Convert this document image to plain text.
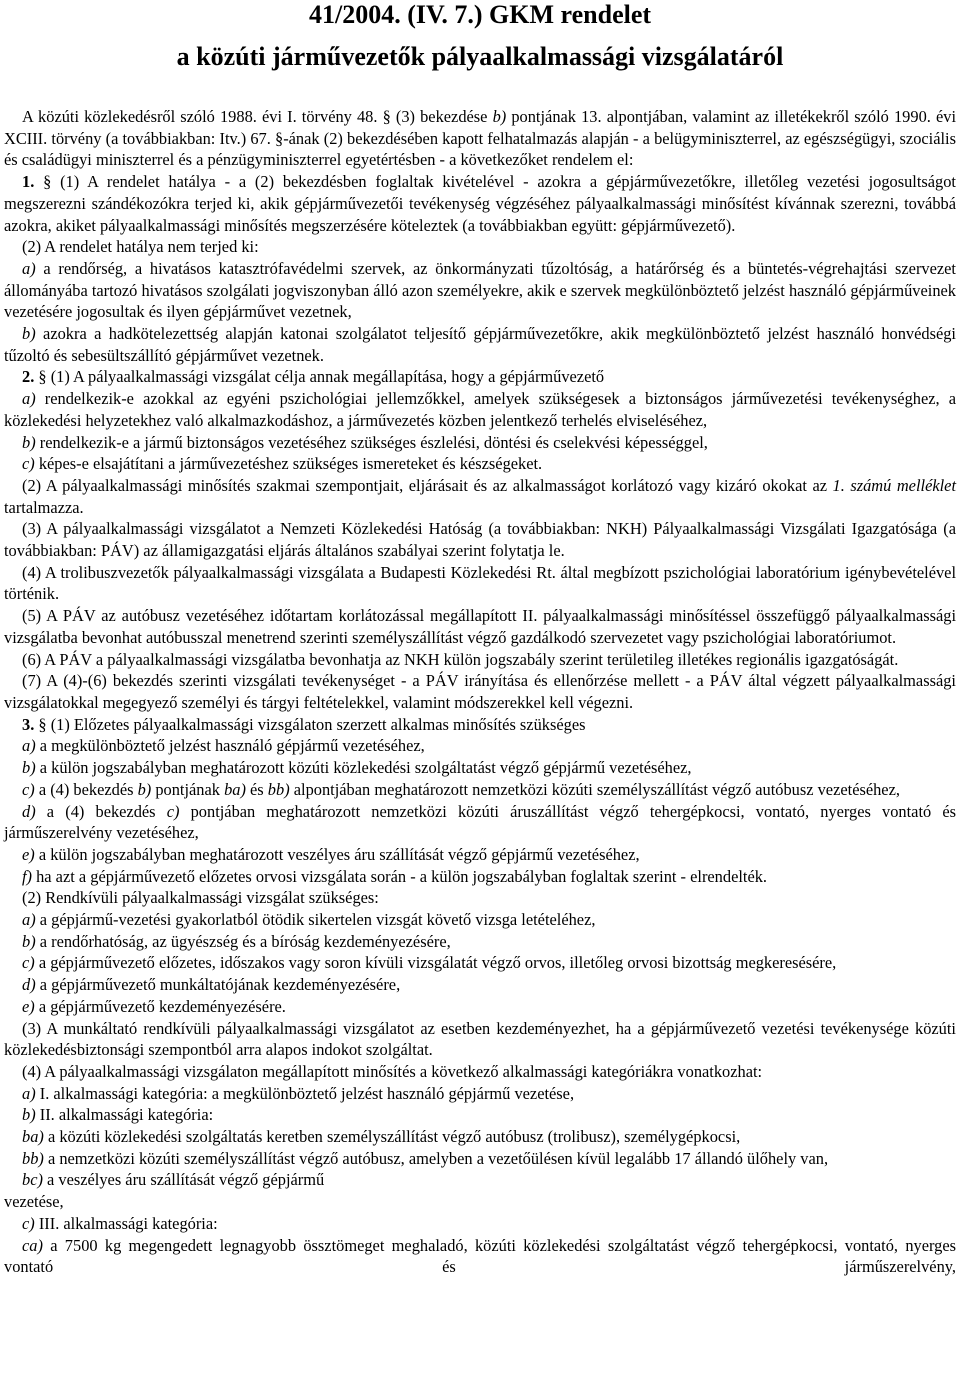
41/2004. (IV. 7.) GKM rendelet
a közúti járművezetők pályaalkalmassági vizsgálatáról

A közúti közlekedésről szóló 1988. évi I. törvény 48. § (3) bekezdése b) pontjának 13. alpontjában, valamint az illetékekről szóló 1990. évi XCIII. törvény (a továbbiakban: Itv.) 67. §-ának (2) bekezdésében kapott felhatalmazás alapján - a belügyminiszterrel, az egészségügyi, szociális és családügyi miniszterrel és a pénzügyminiszterrel egyetértésben - a következőket rendelem el:

1. § (1) A rendelet hatálya - a (2) bekezdésben foglaltak kivételével - azokra a gépjárművezetőkre, illetőleg vezetési jogosultságot megszerezni szándékozókra terjed ki, akik gépjárművezetői tevékenység végzéséhez pályaalkalmassági minősítést kívánnak szerezni, továbbá azokra, akiket pályaalkalmassági minősítés megszerzésére köteleztek (a továbbiakban együtt: gépjárművezető).

(2) A rendelet hatálya nem terjed ki:

a) a rendőrség, a hivatásos katasztrófavédelmi szervek, az önkormányzati tűzoltóság, a határőrség és a büntetés-végrehajtási szervezet állományába tartozó hivatásos szolgálati jogviszonyban álló azon személyekre, akik e szervek megkülönböztető jelzést használó gépjárműveinek vezetésére jogosultak és ilyen gépjárművet vezetnek,

b) azokra a hadkötelezettség alapján katonai szolgálatot teljesítő gépjárművezetőkre, akik megkülönböztető jelzést használó honvédségi tűzoltó és sebesültszállító gépjárművet vezetnek.

2. § (1) A pályaalkalmassági vizsgálat célja annak megállapítása, hogy a gépjárművezető

a) rendelkezik-e azokkal az egyéni pszichológiai jellemzőkkel, amelyek szükségesek a biztonságos járművezetési tevékenységhez, a közlekedési helyzetekhez való alkalmazkodáshoz, a járművezetés közben jelentkező terhelés elviseléséhez,

b) rendelkezik-e a jármű biztonságos vezetéséhez szükséges észlelési, döntési és cselekvési képességgel,

c) képes-e elsajátítani a járművezetéshez szükséges ismereteket és készségeket.

(2) A pályaalkalmassági minősítés szakmai szempontjait, eljárásait és az alkalmasságot korlátozó vagy kizáró okokat az 1. számú melléklet tartalmazza.

(3) A pályaalkalmassági vizsgálatot a Nemzeti Közlekedési Hatóság (a továbbiakban: NKH) Pályaalkalmassági Vizsgálati Igazgatósága (a továbbiakban: PÁV) az államigazgatási eljárás általános szabályai szerint folytatja le.

(4) A trolibuszvezetők pályaalkalmassági vizsgálata a Budapesti Közlekedési Rt. által megbízott pszichológiai laboratórium igénybevételével történik.

(5) A PÁV az autóbusz vezetéséhez időtartam korlátozással megállapított II. pályaalkalmassági minősítéssel összefüggő pályaalkalmassági vizsgálatba bevonhat autóbusszal menetrend szerinti személyszállítást végző gazdálkodó szervezetet vagy pszichológiai laboratóriumot.

(6) A PÁV a pályaalkalmassági vizsgálatba bevonhatja az NKH külön jogszabály szerint területileg illetékes regionális igazgatóságát.

(7) A (4)-(6) bekezdés szerinti vizsgálati tevékenységet - a PÁV irányítása és ellenőrzése mellett - a PÁV által végzett pályaalkalmassági vizsgálatokkal megegyező személyi és tárgyi feltételekkel, valamint módszerekkel kell végezni.

3. § (1) Előzetes pályaalkalmassági vizsgálaton szerzett alkalmas minősítés szükséges

a) a megkülönböztető jelzést használó gépjármű vezetéséhez,

b) a külön jogszabályban meghatározott közúti közlekedési szolgáltatást végző gépjármű vezetéséhez,

c) a (4) bekezdés b) pontjának ba) és bb) alpontjában meghatározott nemzetközi közúti személyszállítást végző autóbusz vezetéséhez,

d) a (4) bekezdés c) pontjában meghatározott nemzetközi közúti áruszállítást végző tehergépkocsi, vontató, nyerges vontató és járműszerelvény vezetéséhez,

e) a külön jogszabályban meghatározott veszélyes áru szállítását végző gépjármű vezetéséhez,

f) ha azt a gépjárművezető előzetes orvosi vizsgálata során - a külön jogszabályban foglaltak szerint - elrendelték.

(2) Rendkívüli pályaalkalmassági vizsgálat szükséges:

a) a gépjármű-vezetési gyakorlatból ötödik sikertelen vizsgát követő vizsga letételéhez,

b) a rendőrhatóság, az ügyészség és a bíróság kezdeményezésére,

c) a gépjárművezető előzetes, időszakos vagy soron kívüli vizsgálatát végző orvos, illetőleg orvosi bizottság megkeresésére,

d) a gépjárművezető munkáltatójának kezdeményezésére,

e) a gépjárművezető kezdeményezésére.

(3) A munkáltató rendkívüli pályaalkalmassági vizsgálatot az esetben kezdeményezhet, ha a gépjárművezető vezetési tevékenysége közúti közlekedésbiztonsági szempontból arra alapos indokot szolgáltat.

(4) A pályaalkalmassági vizsgálaton megállapított minősítés a következő alkalmassági kategóriákra vonatkozhat:

a) I. alkalmassági kategória: a megkülönböztető jelzést használó gépjármű vezetése,

b) II. alkalmassági kategória:

ba) a közúti közlekedési szolgáltatás keretben személyszállítást végző autóbusz (trolibusz), személygépkocsi,

bb) a nemzetközi közúti személyszállítást végző autóbusz, amelyben a vezetőülésen kívül legalább 17 állandó ülőhely van,

bc) a veszélyes áru szállítását végző gépjármű

vezetése,

c) III. alkalmassági kategória:

ca) a 7500 kg megengedett legnagyobb össztömeget meghaladó, közúti közlekedési szolgáltatást végző tehergépkocsi, vontató, nyerges vontató és járműszerelvény,
